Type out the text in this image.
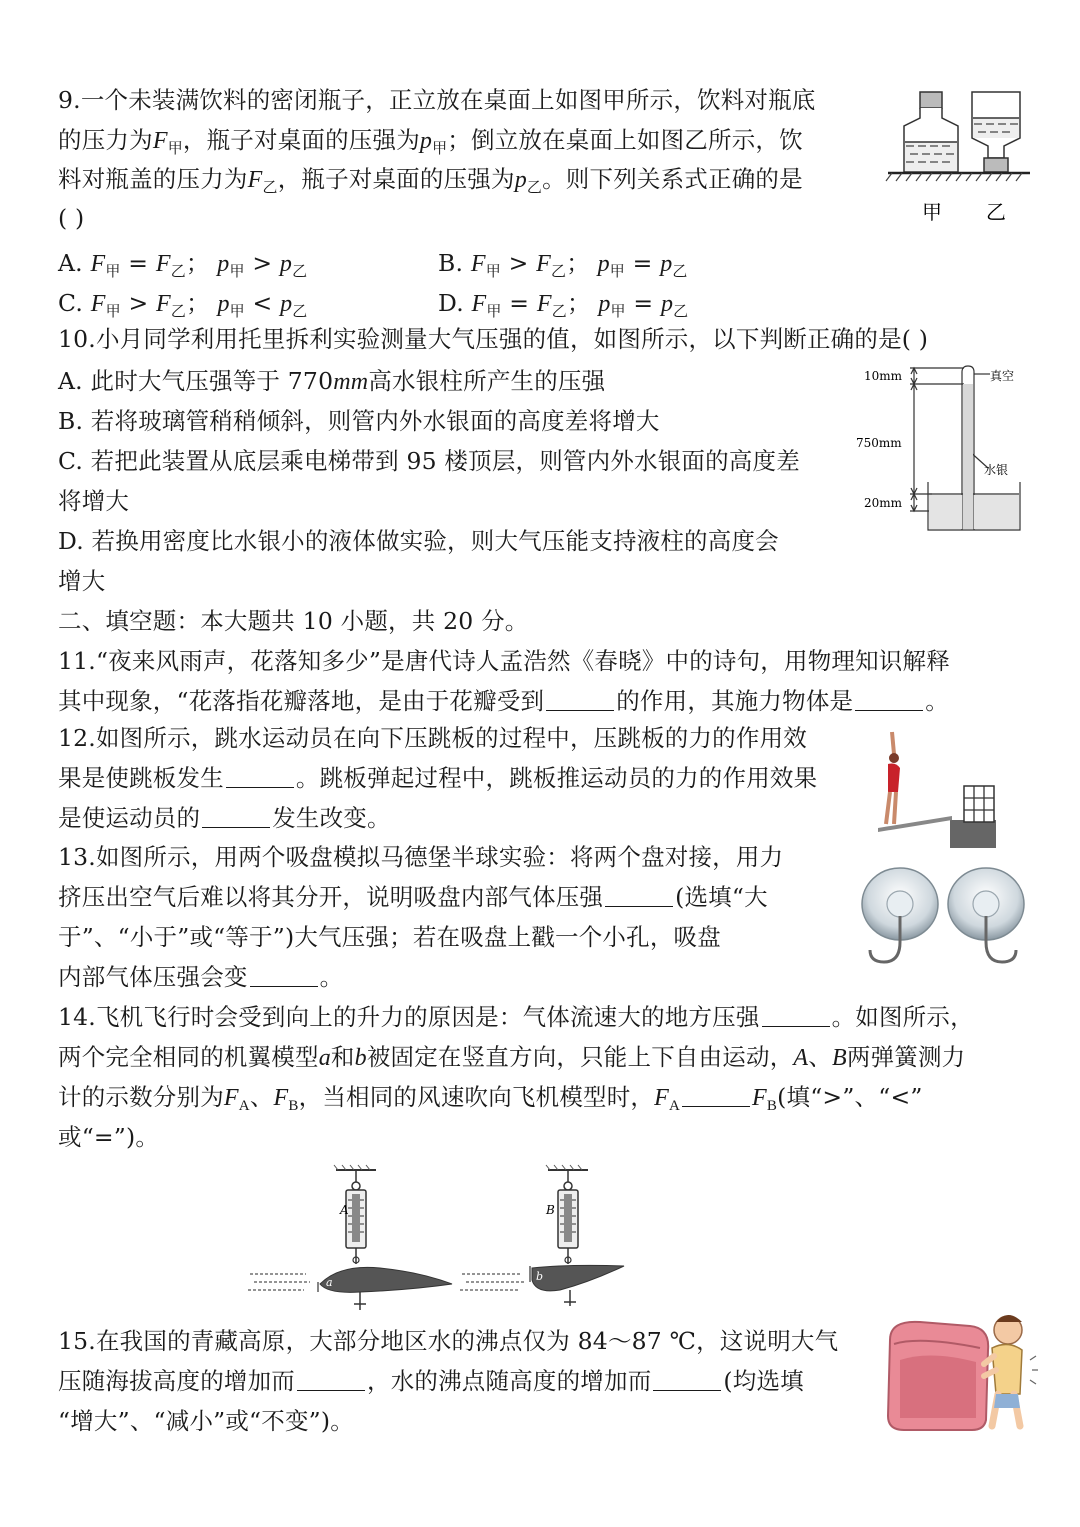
9.一个未装满饮料的密闭瓶子，正立放在桌面上如图甲所示，饮料对瓶底
的压力为$F_甲$，瓶子对桌面的压强为$p_甲$；倒立放在桌面上如图乙所示，饮
料对瓶盖的压力为$F_乙$，瓶子对桌面的压强为$p_乙$。则下列关系式正确的是
( )
A. $F_甲 = F_乙$； $p_甲 > p_乙$	B. $F_甲 > F_乙$； $p_甲 = p_乙$
C. $F_甲 > F_乙$； $p_甲 < p_乙$	D. $F_甲 = F_乙$； $p_甲 = p_乙$
甲 乙
10.小月同学利用托里拆利实验测量大气压强的值，如图所示，以下判断正确的是( )
A. 此时大气压强等于 770mm高水银柱所产生的压强
B. 若将玻璃管稍稍倾斜，则管内外水银面的高度差将增大
C. 若把此装置从底层乘电梯带到 95 楼顶层，则管内外水银面的高度差
将增大
D. 若换用密度比水银小的液体做实验，则大气压能支持液柱的高度会
增大
10mm	真空
750mm
水银
20mm
二、填空题：本大题共 10 小题，共 20 分。
11.“夜来风雨声，花落知多少”是唐代诗人孟浩然《春晓》中的诗句，用物理知识解释
其中现象，“花落指花瓣落地，是由于花瓣受到	的作用，其施力物体是	。
12.如图所示，跳水运动员在向下压跳板的过程中，压跳板的力的作用效
果是使跳板发生	。跳板弹起过程中，跳板推运动员的力的作用效果
是使运动员的	发生改变。
13.如图所示，用两个吸盘模拟马德堡半球实验：将两个盘对接，用力
挤压出空气后难以将其分开，说明吸盘内部气体压强	(选填“大
于”、“小于”或“等于”)大气压强；若在吸盘上戳一个小孔，吸盘
内部气体压强会变	。
14.飞机飞行时会受到向上的升力的原因是：气体流速大的地方压强	。如图所示，
两个完全相同的机翼模型a和b被固定在竖直方向，只能上下自由运动，A、B两弹簧测力
计的示数分别为$F_A$、$F_B$，当相同的风速吹向飞机模型时，$F_A$	$F_B$(填“>”、“<”
或“=”)。
A
a
B
b
15.在我国的青藏高原，大部分地区水的沸点仅为 84～87 ℃，这说明大气
压随海拔高度的增加而	，水的沸点随高度的增加而	(均选填
“增大”、“减小”或“不变”)。
